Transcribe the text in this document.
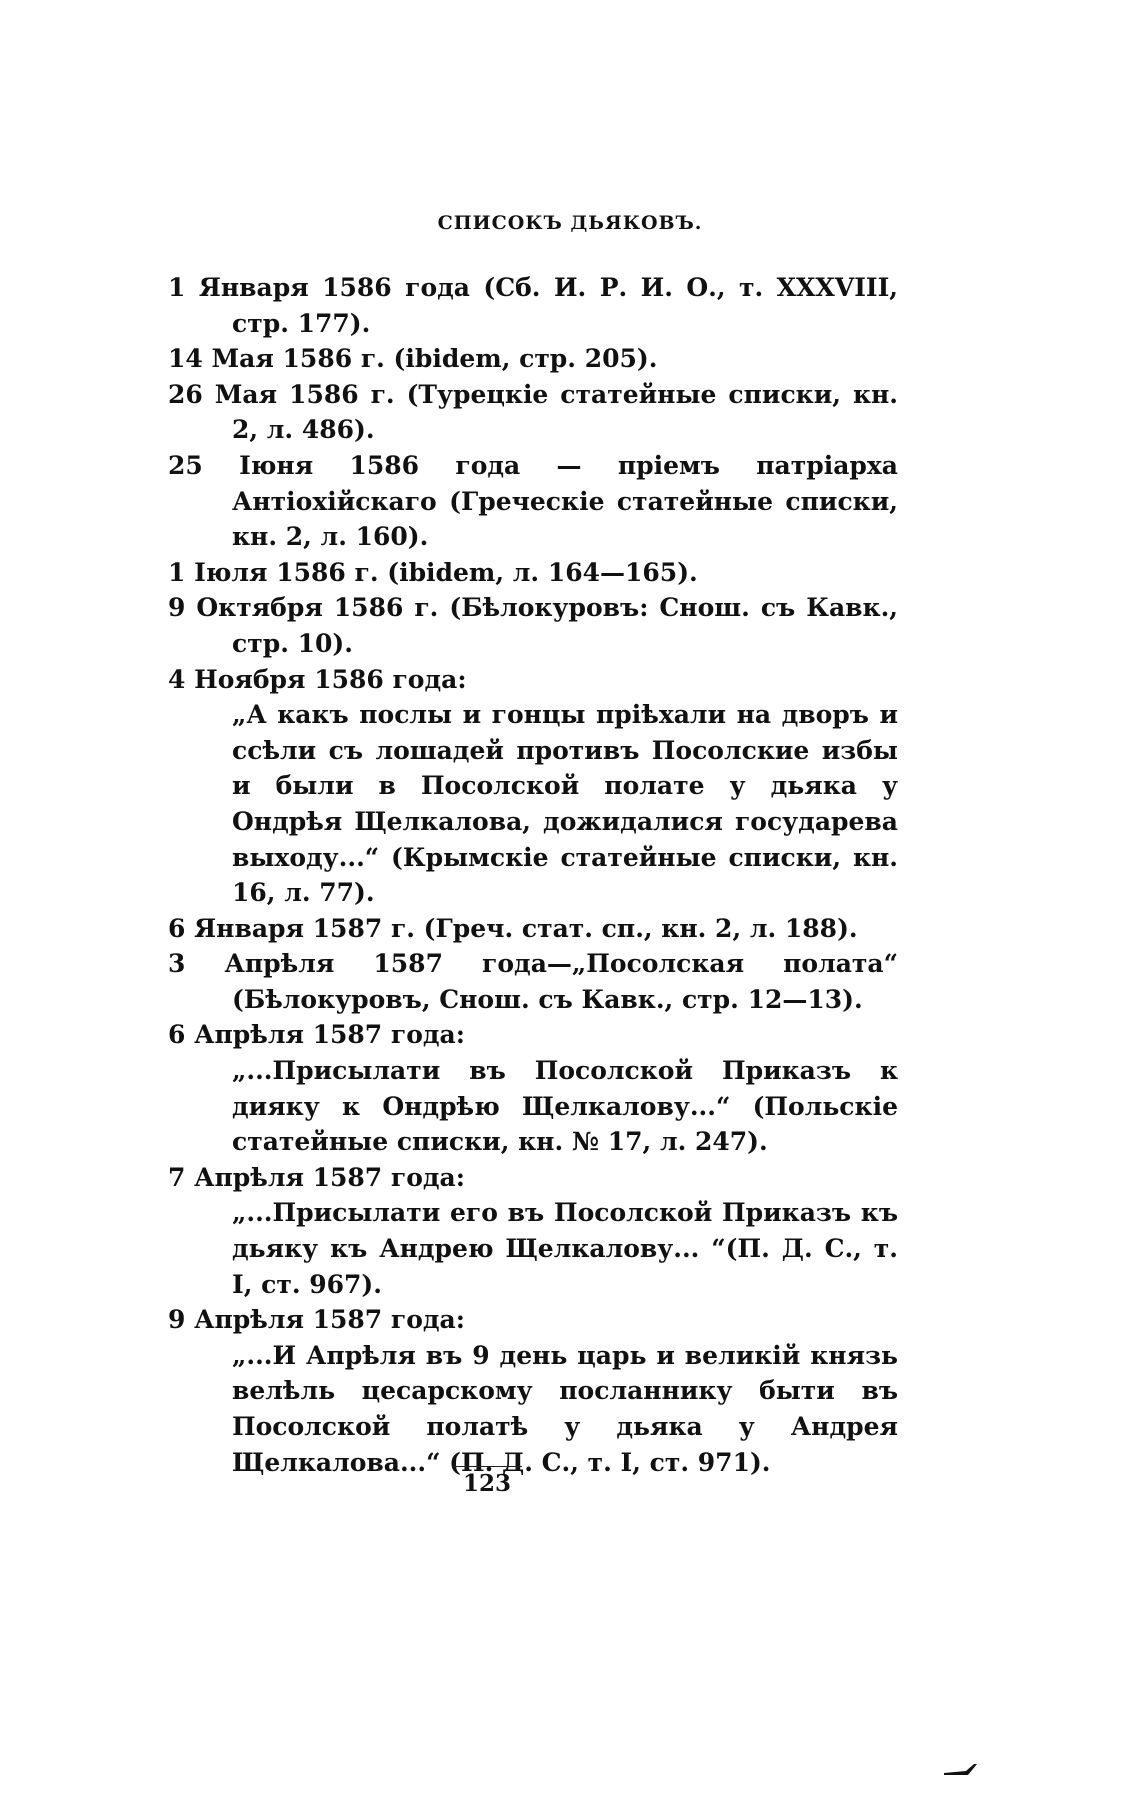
СПИСОКЪ ДЬЯКОВЪ.
1 Января 1586 года (Сб. И. Р. И. О., т. XXXVIII, стр. 177).
14 Мая 1586 г. (ibidem, стр. 205).
26 Мая 1586 г. (Турецкіе статейные списки, кн. 2, л. 486).
25 Іюня 1586 года — пріемъ патріарха Антіохійскаго (Греческіе статейные списки, кн. 2, л. 160).
1 Іюля 1586 г. (ibidem, л. 164—165).
9 Октября 1586 г. (Бѣлокуровъ: Снош. съ Кавк., стр. 10).
4 Ноября 1586 года:
„А какъ послы и гонцы пріѣхали на дворъ и ссѣли съ лошадей противъ Посолские избы и были в Посолской полате у дьяка у Ондрѣя Щелкалова, дожидалися государева выходу...“ (Крымскіе статейные списки, кн. 16, л. 77).
6 Января 1587 г. (Греч. стат. сп., кн. 2, л. 188).
3 Апрѣля 1587 года—„Посолская полата“ (Бѣлокуровъ, Снош. съ Кавк., стр. 12—13).
6 Апрѣля 1587 года:
„...Присылати въ Посолской Приказъ к дияку к Ондрѣю Щелкалову...“ (Польскіе статейные списки, кн. № 17, л. 247).
7 Апрѣля 1587 года:
„...Присылати его въ Посолской Приказъ къ дьяку къ Андрею Щелкалову... “(П. Д. С., т. I, ст. 967).
9 Апрѣля 1587 года:
„...И Апрѣля въ 9 день царь и великій князь велѣль цесарскому посланнику быти въ Посолской полатѣ у дьяка у Андрея Щелкалова...“ (П. Д. С., т. I, ст. 971).
123
